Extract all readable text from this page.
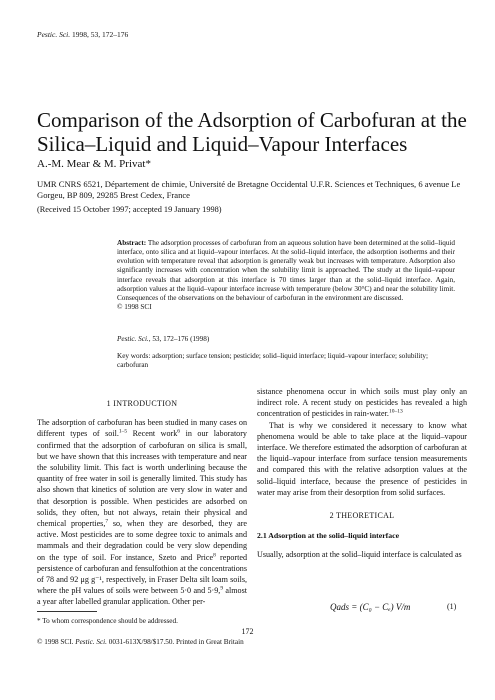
Pestic. Sci. 1998, 53, 172–176
Comparison of the Adsorption of Carbofuran at the Silica–Liquid and Liquid–Vapour Interfaces
A.-M. Mear & M. Privat*
UMR CNRS 6521, Département de chimie, Université de Bretagne Occidental U.F.R. Sciences et Techniques, 6 avenue Le Gorgeu, BP 809, 29285 Brest Cedex, France
(Received 15 October 1997; accepted 19 January 1998)
Abstract: The adsorption processes of carbofuran from an aqueous solution have been determined at the solid–liquid interface, onto silica and at liquid–vapour interfaces. At the solid–liquid interface, the adsorption isotherms and their evolution with temperature reveal that adsorption is generally weak but increases with temperature. Adsorption also significantly increases with concentration when the solubility limit is approached. The study at the liquid–vapour interface reveals that adsorption at this interface is 70 times larger than at the solid–liquid interface. Again, adsorption values at the liquid–vapour interface increase with temperature (below 30°C) and near the solubility limit. Consequences of the observations on the behaviour of carbofuran in the environment are discussed.
© 1998 SCI
Pestic. Sci., 53, 172–176 (1998)
Key words: adsorption; surface tension; pesticide; solid–liquid interface; liquid–vapour interface; solubility; carbofuran
1 INTRODUCTION
The adsorption of carbofuran has been studied in many cases on different types of soil.$^{1-5}$ Recent work$^6$ in our laboratory confirmed that the adsorption of carbofuran on silica is small, but we have shown that this increases with temperature and near the solubility limit. This fact is worth underlining because the quantity of free water in soil is generally limited. This study has also shown that kinetics of solution are very slow in water and that desorption is possible. When pesticides are adsorbed on solids, they often, but not always, retain their physical and chemical properties,$^7$ so, when they are desorbed, they are active. Most pesticides are to some degree toxic to animals and mammals and their degradation could be very slow depending on the type of soil. For instance, Szeto and Price$^8$ reported persistence of carbofuran and fensulfothion at the concentrations of 78 and 92 μg g⁻¹, respectively, in Fraser Delta silt loam soils, where the pH values of soils were between 5·0 and 5·9,$^9$ almost a year after labelled granular application. Other per-
sistance phenomena occur in which soils must play only an indirect role. A recent study on pesticides has revealed a high concentration of pesticides in rain-water.$^{10-13}$
That is why we considered it necessary to know what phenomena would be able to take place at the liquid–vapour interface. We therefore estimated the adsorption of carbofuran at the liquid–vapour interface from surface tension measurements and compared this with the relative adsorption values at the solid–liquid interface, because the presence of pesticides in water may arise from their desorption from solid surfaces.
2 THEORETICAL
2.1 Adsorption at the solid–liquid interface
Usually, adsorption at the solid–liquid interface is calculated as
Qads = (C₀ − Cₑ) V/m	(1)
* To whom correspondence should be addressed.
172
© 1998 SCI. Pestic. Sci. 0031-613X/98/$17.50. Printed in Great Britain
